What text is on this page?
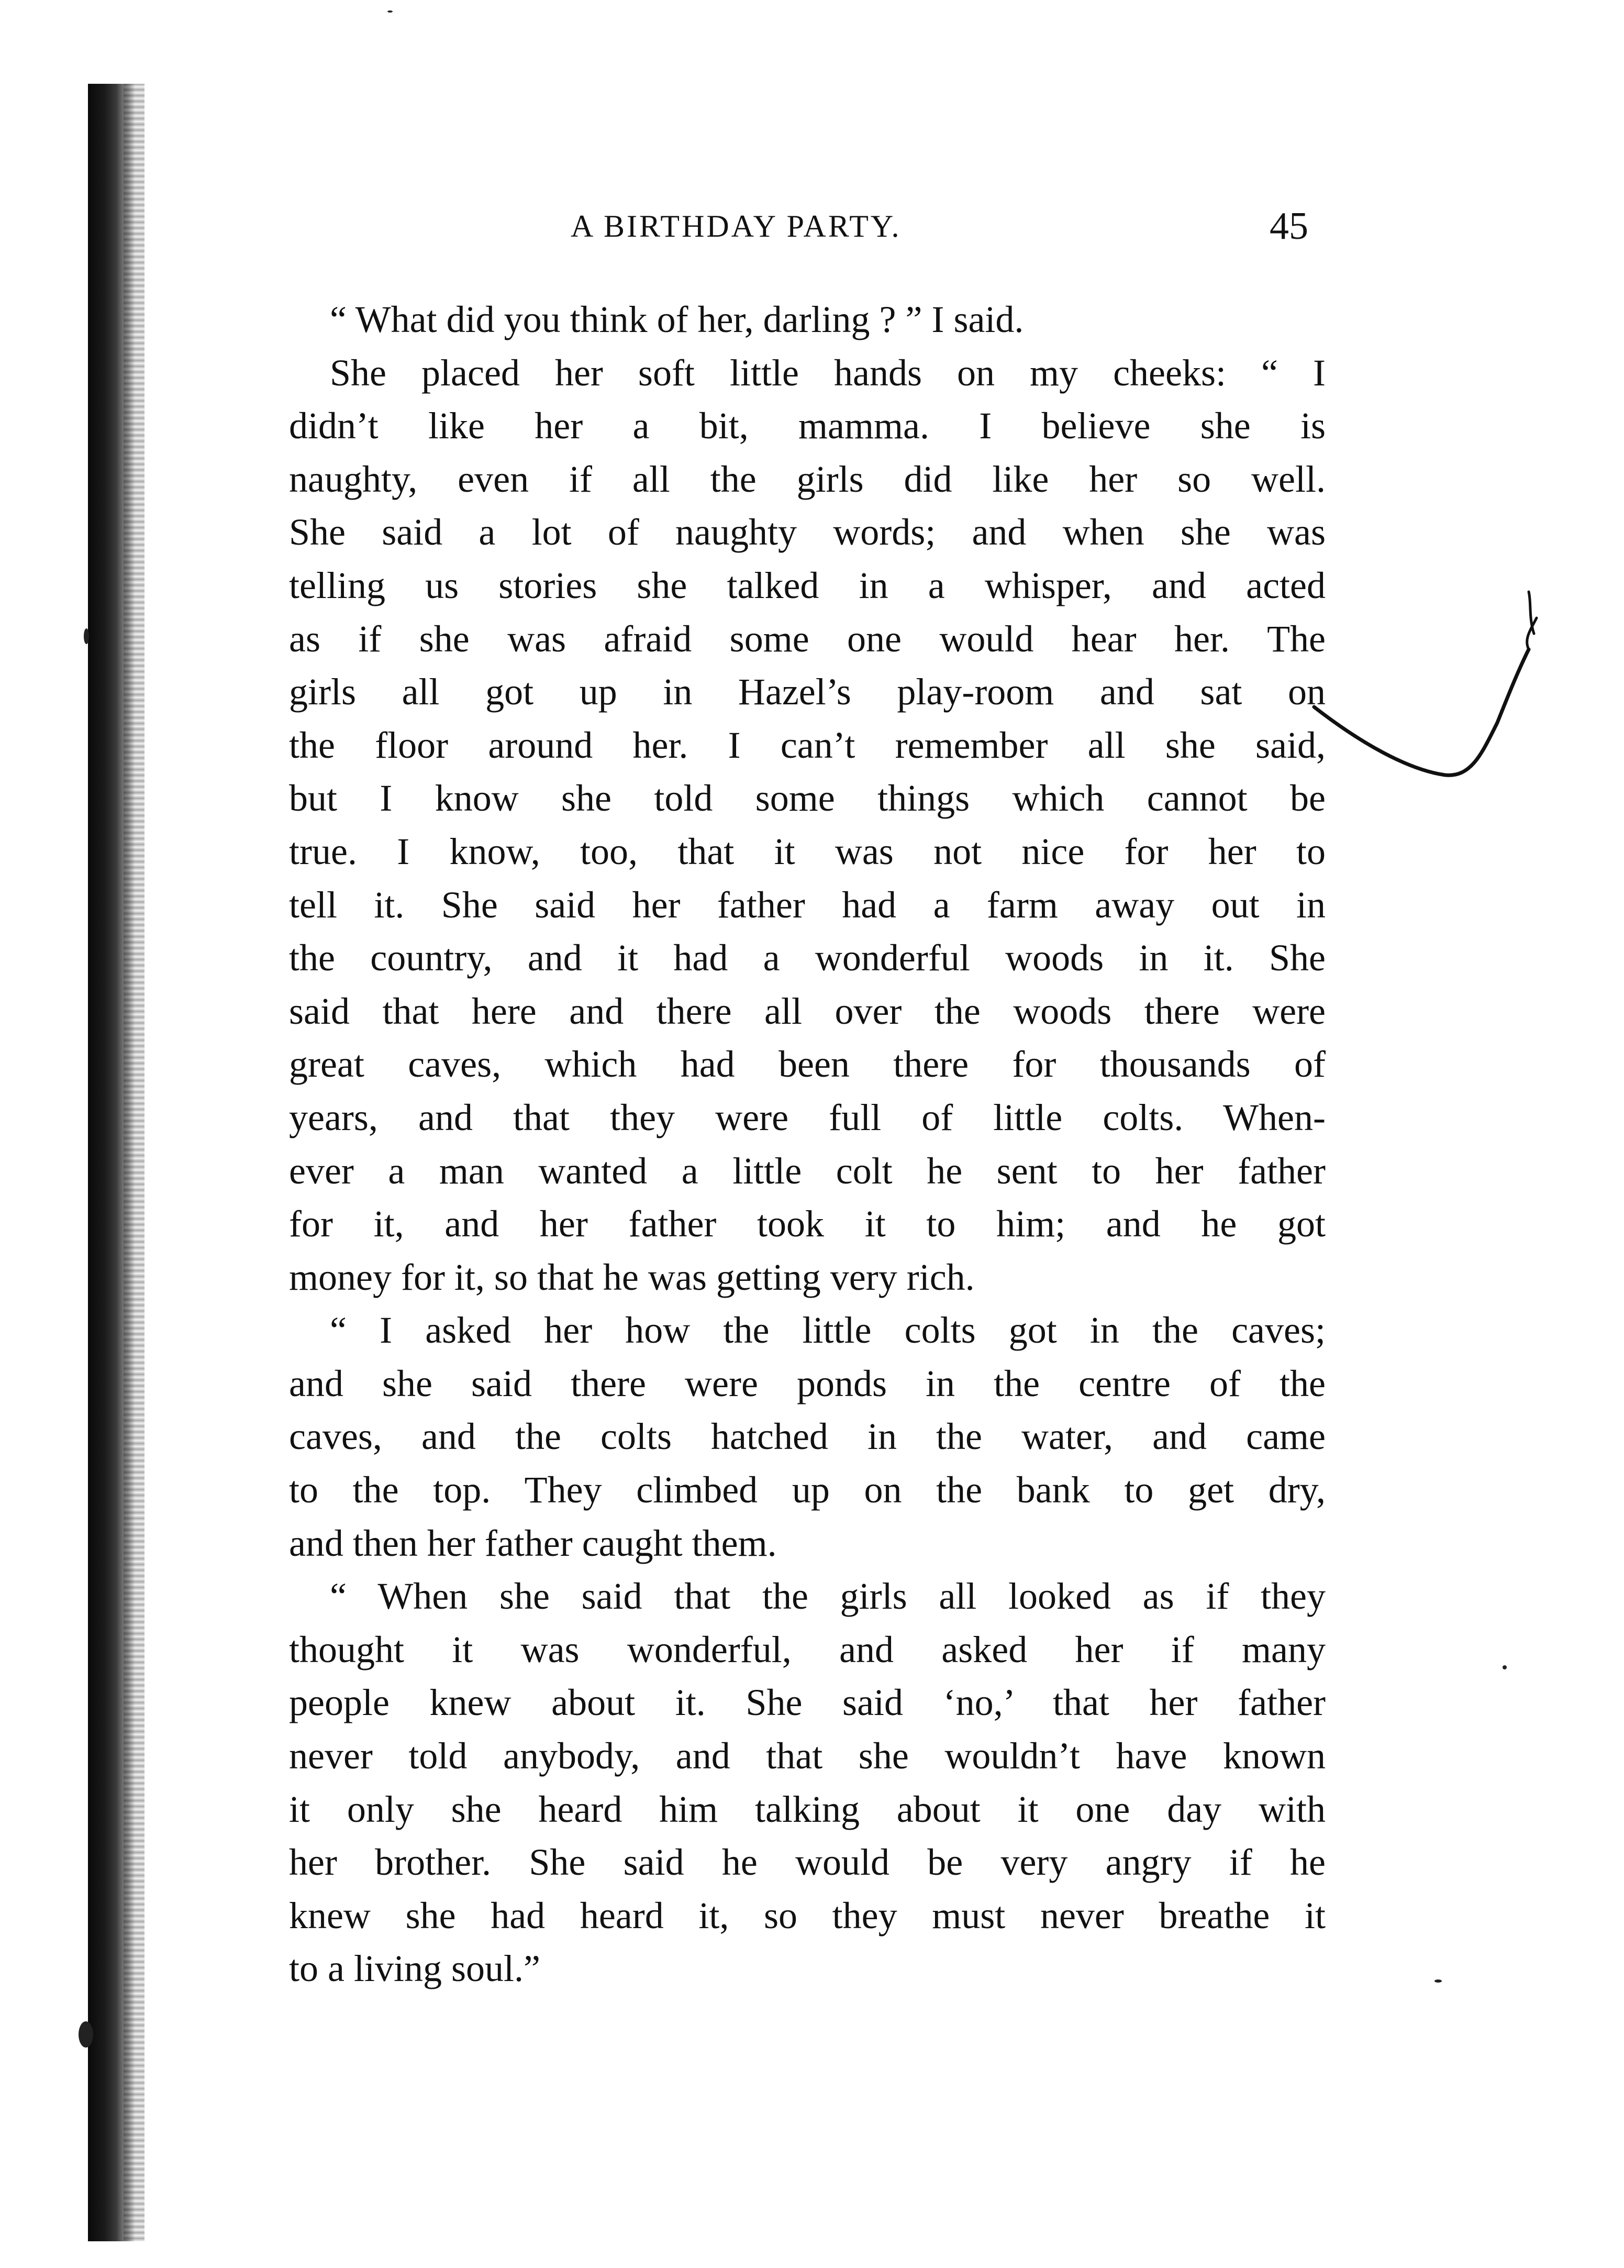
A BIRTHDAY PARTY.	45
“ What did you think of her, darling ? ” I said.
She placed her soft little hands on my cheeks: “ I
didn’t like her a bit, mamma. I believe she is
naughty, even if all the girls did like her so well.
She said a lot of naughty words; and when she was
telling us stories she talked in a whisper, and acted
as if she was afraid some one would hear her. The
girls all got up in Hazel’s play-room and sat on
the floor around her. I can’t remember all she said,
but I know she told some things which cannot be
true. I know, too, that it was not nice for her to
tell it. She said her father had a farm away out in
the country, and it had a wonderful woods in it. She
said that here and there all over the woods there were
great caves, which had been there for thousands of
years, and that they were full of little colts. When-
ever a man wanted a little colt he sent to her father
for it, and her father took it to him; and he got
money for it, so that he was getting very rich.
“ I asked her how the little colts got in the caves;
and she said there were ponds in the centre of the
caves, and the colts hatched in the water, and came
to the top. They climbed up on the bank to get dry,
and then her father caught them.
“ When she said that the girls all looked as if they
thought it was wonderful, and asked her if many
people knew about it. She said ‘no,’ that her father
never told anybody, and that she wouldn’t have known
it only she heard him talking about it one day with
her brother. She said he would be very angry if he
knew she had heard it, so they must never breathe it
to a living soul.”
